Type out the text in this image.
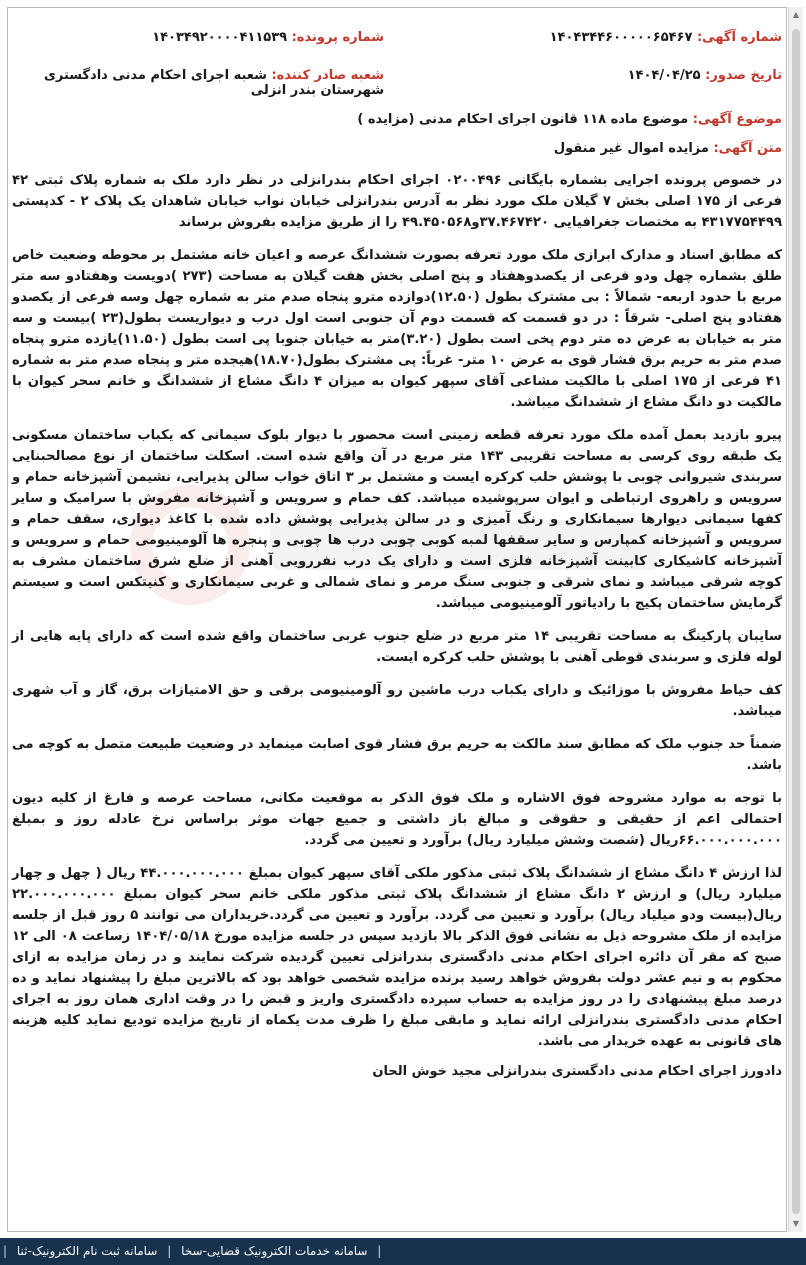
شماره آگهی: ۱۴۰۴۳۴۴۶۰۰۰۰۰۶۵۴۶۷
شماره پرونده: ۱۴۰۳۴۹۲۰۰۰۰۴۱۱۵۳۹
تاریخ صدور: ۱۴۰۴/۰۴/۲۵
شعبه صادر کننده: شعبه اجرای احکام مدنی دادگستری شهرستان بندر انزلی
موضوع آگهی: موضوع ماده ۱۱۸ قانون اجرای احکام مدنی (مزایده )
متن آگهی: مزایده اموال غیر منقول

در خصوص پرونده اجرایی بشماره بایگانی ۰۲۰۰۴۹۶ اجرای احکام بندرانزلی در نظر دارد ملک به شماره پلاک ثبتی ۴۲ فرعی از ۱۷۵ اصلی بخش ۷ گیلان ملک مورد نظر به آدرس بندرانزلی خیابان نواب خیابان شاهدان یک پلاک ۲ - کدپستی ۴۳۱۷۷۵۴۴۹۹ به مختصات جغرافیایی ۳۷.۴۶۷۴۲۰و۴۹.۴۵۰۵۶۸ را از طریق مزایده بفروش برساند

که مطابق اسناد و مدارک ابرازی ملک مورد تعرفه بصورت ششدانگ عرصه و اعیان خانه مشتمل بر محوطه وضعیت خاص طلق بشماره چهل ودو فرعی از یکصدوهفتاد و پنج اصلی بخش هفت گیلان به مساحت (۲۷۳ )دویست وهفتادو سه متر مربع با حدود اربعه- شمالاً : بی مشترک بطول (۱۲.۵۰)دوازده مترو پنجاه صدم متر به شماره چهل وسه فرعی از یکصدو هفتادو پنج اصلی- شرقاً : در دو قسمت که قسمت دوم آن جنوبی است اول درب و دیواریست بطول(۲۳ )بیست و سه متر به خیابان به عرض ده متر دوم پخی است بطول (۳.۲۰)متر به خیابان جنوبا پی است بطول (۱۱.۵۰)یازده مترو پنجاه صدم متر به حریم برق فشار قوی به عرض ۱۰ متر- غرباً: پی مشترک بطول(۱۸.۷۰)هیجده متر و پنجاه صدم متر به شماره ۴۱ فرعی از ۱۷۵ اصلی با مالکیت مشاعی آقای سپهر کیوان به میزان ۴ دانگ مشاع از ششدانگ و خانم سحر کیوان با مالکیت دو دانگ مشاع از ششدانگ میباشد.

پیرو بازدید بعمل آمده ملک مورد تعرفه قطعه زمینی است محصور با دیوار بلوک سیمانی که یکباب ساختمان مسکونی یک طبقه روی کرسی به مساحت تقریبی ۱۴۳ متر مربع در آن واقع شده است. اسکلت ساختمان از نوع مصالحبنایی سربندی شیروانی چوبی با پوشش حلب کرکره ایست و مشتمل بر ۳ اتاق خواب سالن پذیرایی، نشیمن آشپزخانه حمام و سرویس و راهروی ارتباطی و ایوان سرپوشیده میباشد. کف حمام و سرویس و آشپزخانه مفروش با سرامیک و سایر کفها سیمانی دیوارها سیمانکاری و رنگ آمیزی و در سالن پذیرایی پوشش داده شده با کاغذ دیواری، سقف حمام و سرویس و آشپزخانه کمپارس و سایر سقفها لمبه کوبی چوبی درب ها چوبی و پنجره ها آلومینیومی حمام و سرویس و آشپزخانه کاشیکاری کابینت آشپزخانه فلزی است و دارای یک درب نفررویی آهنی از ضلع شرق ساختمان مشرف به کوچه شرقی میباشد و نمای شرقی و جنوبی سنگ مرمر و نمای شمالی و غربی سیمانکاری و کنیتکس است و سیستم گرمایش ساختمان پکیج با رادیاتور آلومینیومی میباشد.

سایبان پارکینگ به مساحت تقریبی ۱۴ متر مربع در ضلع جنوب غربی ساختمان واقع شده است که دارای پایه هایی از لوله فلزی و سربندی قوطی آهنی با پوشش حلب کرکره ایست.

کف حیاط مفروش با موزائیک و دارای یکباب درب ماشین رو آلومینیومی برقی و حق الامتیازات برق، گاز و آب شهری میباشد.

ضمناً حد جنوب ملک که مطابق سند مالکت به حریم برق فشار قوی اصابت مینماید در وضعیت طبیعت متصل به کوچه می باشد.

با توجه به موارد مشروحه فوق الاشاره و ملک فوق الذکر به موقعیت مکانی، مساحت عرصه و فارغ از کلیه دیون احتمالی اعم از حقیقی و حقوقی و مبالغ باز داشتی و جمیع جهات موثر براساس نرخ عادله روز و بمبلغ ۶۶.۰۰۰.۰۰۰.۰۰۰ریال (شصت وشش میلیارد ریال) برآورد و تعیین می گردد.

لذا ارزش ۴ دانگ مشاع از ششدانگ پلاک ثبتی مذکور ملکی آقای سپهر کیوان بمبلغ ۴۴.۰۰۰.۰۰۰.۰۰۰ ریال ( چهل و چهار میلیارد ریال) و ارزش ۲ دانگ مشاع از ششدانگ پلاک ثبتی مذکور ملکی خانم سحر کیوان بمبلغ ۲۲.۰۰۰.۰۰۰.۰۰۰ ریال(بیست ودو میلیاد ریال) برآورد و تعیین می گردد. برآورد و تعیین می گردد.خریداران می توانند ۵ روز قبل از جلسه مزایده از ملک مشروحه ذیل به نشانی فوق الذکر بالا بازدید سپس در جلسه مزایده مورخ ۱۴۰۴/۰۵/۱۸ زساعت ۰۸ الی ۱۲ صبح که مقر آن دائره اجرای احکام مدنی دادگستری بندرانزلی تعیین گردیده شرکت نمایند و در زمان مزایده به ازای محکوم به و نیم عشر دولت بفروش خواهد رسید برنده مزایده شخصی خواهد بود که بالاترین مبلغ را پیشنهاد نماید و ده درصد مبلغ پیشنهادی را در روز مزایده به حساب سپرده دادگستری واریز و قبض را در وقت اداری همان روز به اجرای احکام مدنی دادگستری بندرانزلی ارائه نماید و مابقی مبلغ را ظرف مدت یکماه از تاریخ مزایده تودیع نماید کلیه هزینه های قانونی به عهده خریدار می باشد.

دادورز اجرای احکام مدنی دادگستری بندرانزلی مجید خوش الحان
▲
▼
| سامانه خدمات الکترونیک قضایی-سخا | سامانه ثبت نام الکترونیک-ثنا |
